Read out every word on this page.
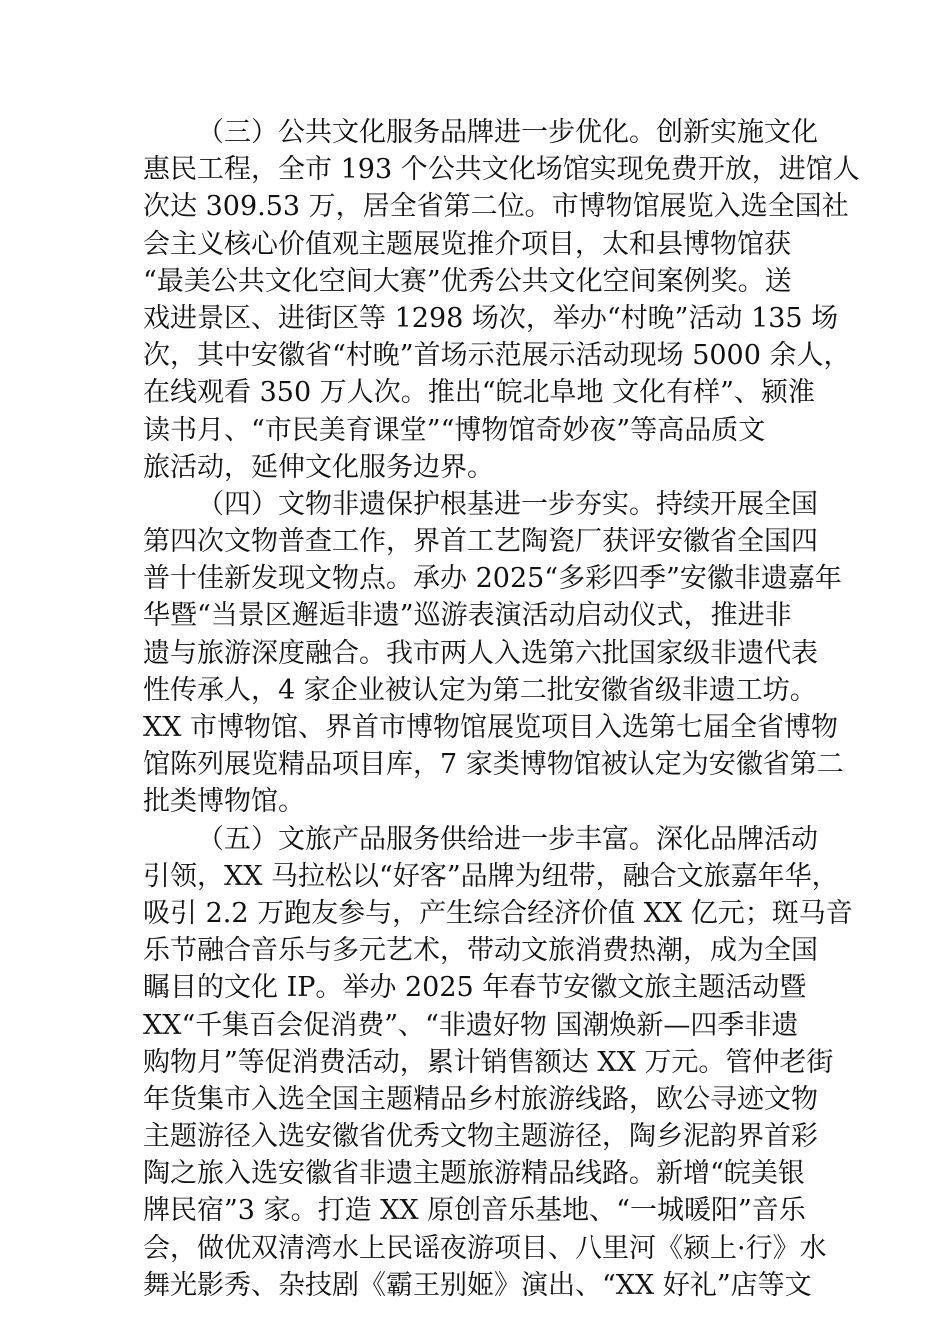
（三）公共文化服务品牌进一步优化。创新实施文化
惠民工程，全市 193 个公共文化场馆实现免费开放，进馆人
次达 309.53 万，居全省第二位。市博物馆展览入选全国社
会主义核心价值观主题展览推介项目，太和县博物馆获
“最美公共文化空间大赛”优秀公共文化空间案例奖。送
戏进景区、进街区等 1298 场次，举办“村晚”活动 135 场
次，其中安徽省“村晚”首场示范展示活动现场 5000 余人，
在线观看 350 万人次。推出“皖北阜地 文化有样”、颍淮
读书月、“市民美育课堂”“博物馆奇妙夜”等高品质文
旅活动，延伸文化服务边界。
（四）文物非遗保护根基进一步夯实。持续开展全国
第四次文物普查工作，界首工艺陶瓷厂获评安徽省全国四
普十佳新发现文物点。承办 2025“多彩四季”安徽非遗嘉年
华暨“当景区邂逅非遗”巡游表演活动启动仪式，推进非
遗与旅游深度融合。我市两人入选第六批国家级非遗代表
性传承人，4 家企业被认定为第二批安徽省级非遗工坊。
XX 市博物馆、界首市博物馆展览项目入选第七届全省博物
馆陈列展览精品项目库，7 家类博物馆被认定为安徽省第二
批类博物馆。
（五）文旅产品服务供给进一步丰富。深化品牌活动
引领，XX 马拉松以“好客”品牌为纽带，融合文旅嘉年华，
吸引 2.2 万跑友参与，产生综合经济价值 XX 亿元；斑马音
乐节融合音乐与多元艺术，带动文旅消费热潮，成为全国
瞩目的文化 IP。举办 2025 年春节安徽文旅主题活动暨
XX“千集百会促消费”、“非遗好物 国潮焕新—四季非遗
购物月”等促消费活动，累计销售额达 XX 万元。管仲老街
年货集市入选全国主题精品乡村旅游线路，欧公寻迹文物
主题游径入选安徽省优秀文物主题游径，陶乡泥韵界首彩
陶之旅入选安徽省非遗主题旅游精品线路。新增“皖美银
牌民宿”3 家。打造 XX 原创音乐基地、“一城暖阳”音乐
会，做优双清湾水上民谣夜游项目、八里河《颍上·行》水
舞光影秀、杂技剧《霸王别姬》演出、“XX 好礼”店等文
